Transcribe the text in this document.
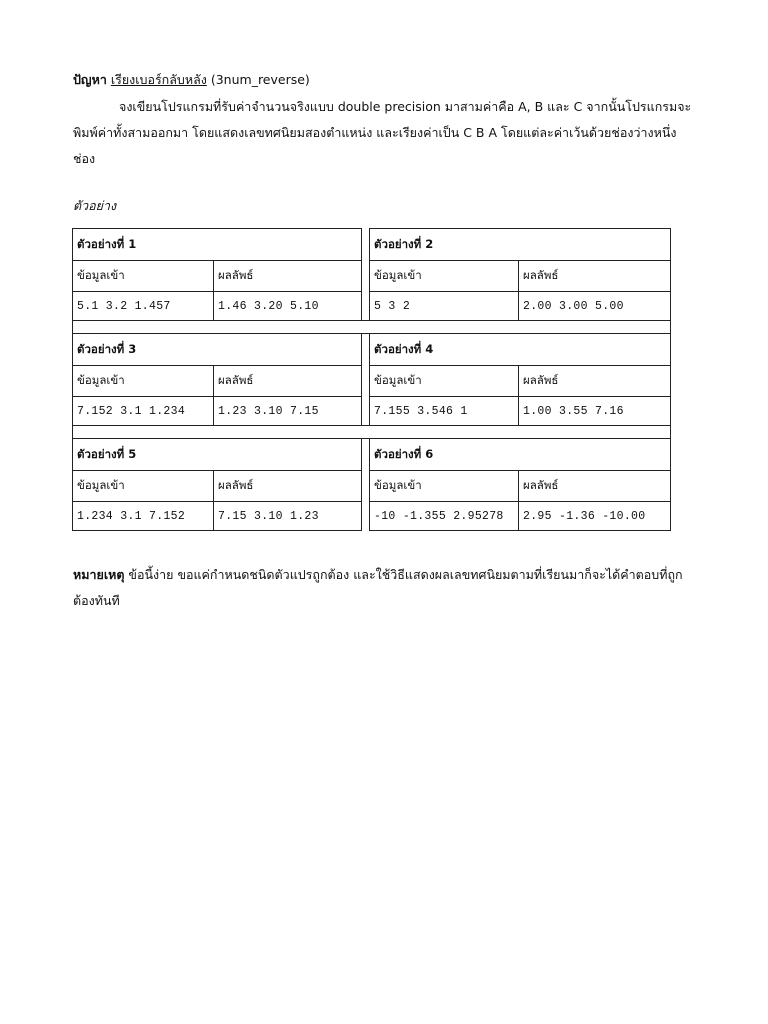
ปัญหา เรียงเบอร์กลับหลัง (3num_reverse)
จงเขียนโปรแกรมที่รับค่าจำนวนจริงแบบ double precision มาสามค่าคือ A, B และ C จากนั้นโปรแกรมจะพิมพ์ค่าทั้งสามออกมา โดยแสดงเลขทศนิยมสองตำแหน่ง และเรียงค่าเป็น C B A โดยแต่ละค่าเว้นด้วยช่องว่างหนึ่งช่อง
ตัวอย่าง
ตัวอย่างที่ 1			ตัวอย่างที่ 2	
ข้อมูลเข้า	ผลลัพธ์		ข้อมูลเข้า	ผลลัพธ์
5.1 3.2 1.457	1.46 3.20 5.10		5 3 2	2.00 3.00 5.00

ตัวอย่างที่ 3			ตัวอย่างที่ 4	
ข้อมูลเข้า	ผลลัพธ์		ข้อมูลเข้า	ผลลัพธ์
7.152 3.1 1.234	1.23 3.10 7.15		7.155 3.546 1	1.00 3.55 7.16

ตัวอย่างที่ 5			ตัวอย่างที่ 6	
ข้อมูลเข้า	ผลลัพธ์		ข้อมูลเข้า	ผลลัพธ์
1.234 3.1 7.152	7.15 3.10 1.23		-10 -1.355 2.95278	2.95 -1.36 -10.00
หมายเหตุ ข้อนี้ง่าย ขอแค่กำหนดชนิดตัวแปรถูกต้อง และใช้วิธีแสดงผลเลขทศนิยมตามที่เรียนมาก็จะได้คำตอบที่ถูกต้องทันที
